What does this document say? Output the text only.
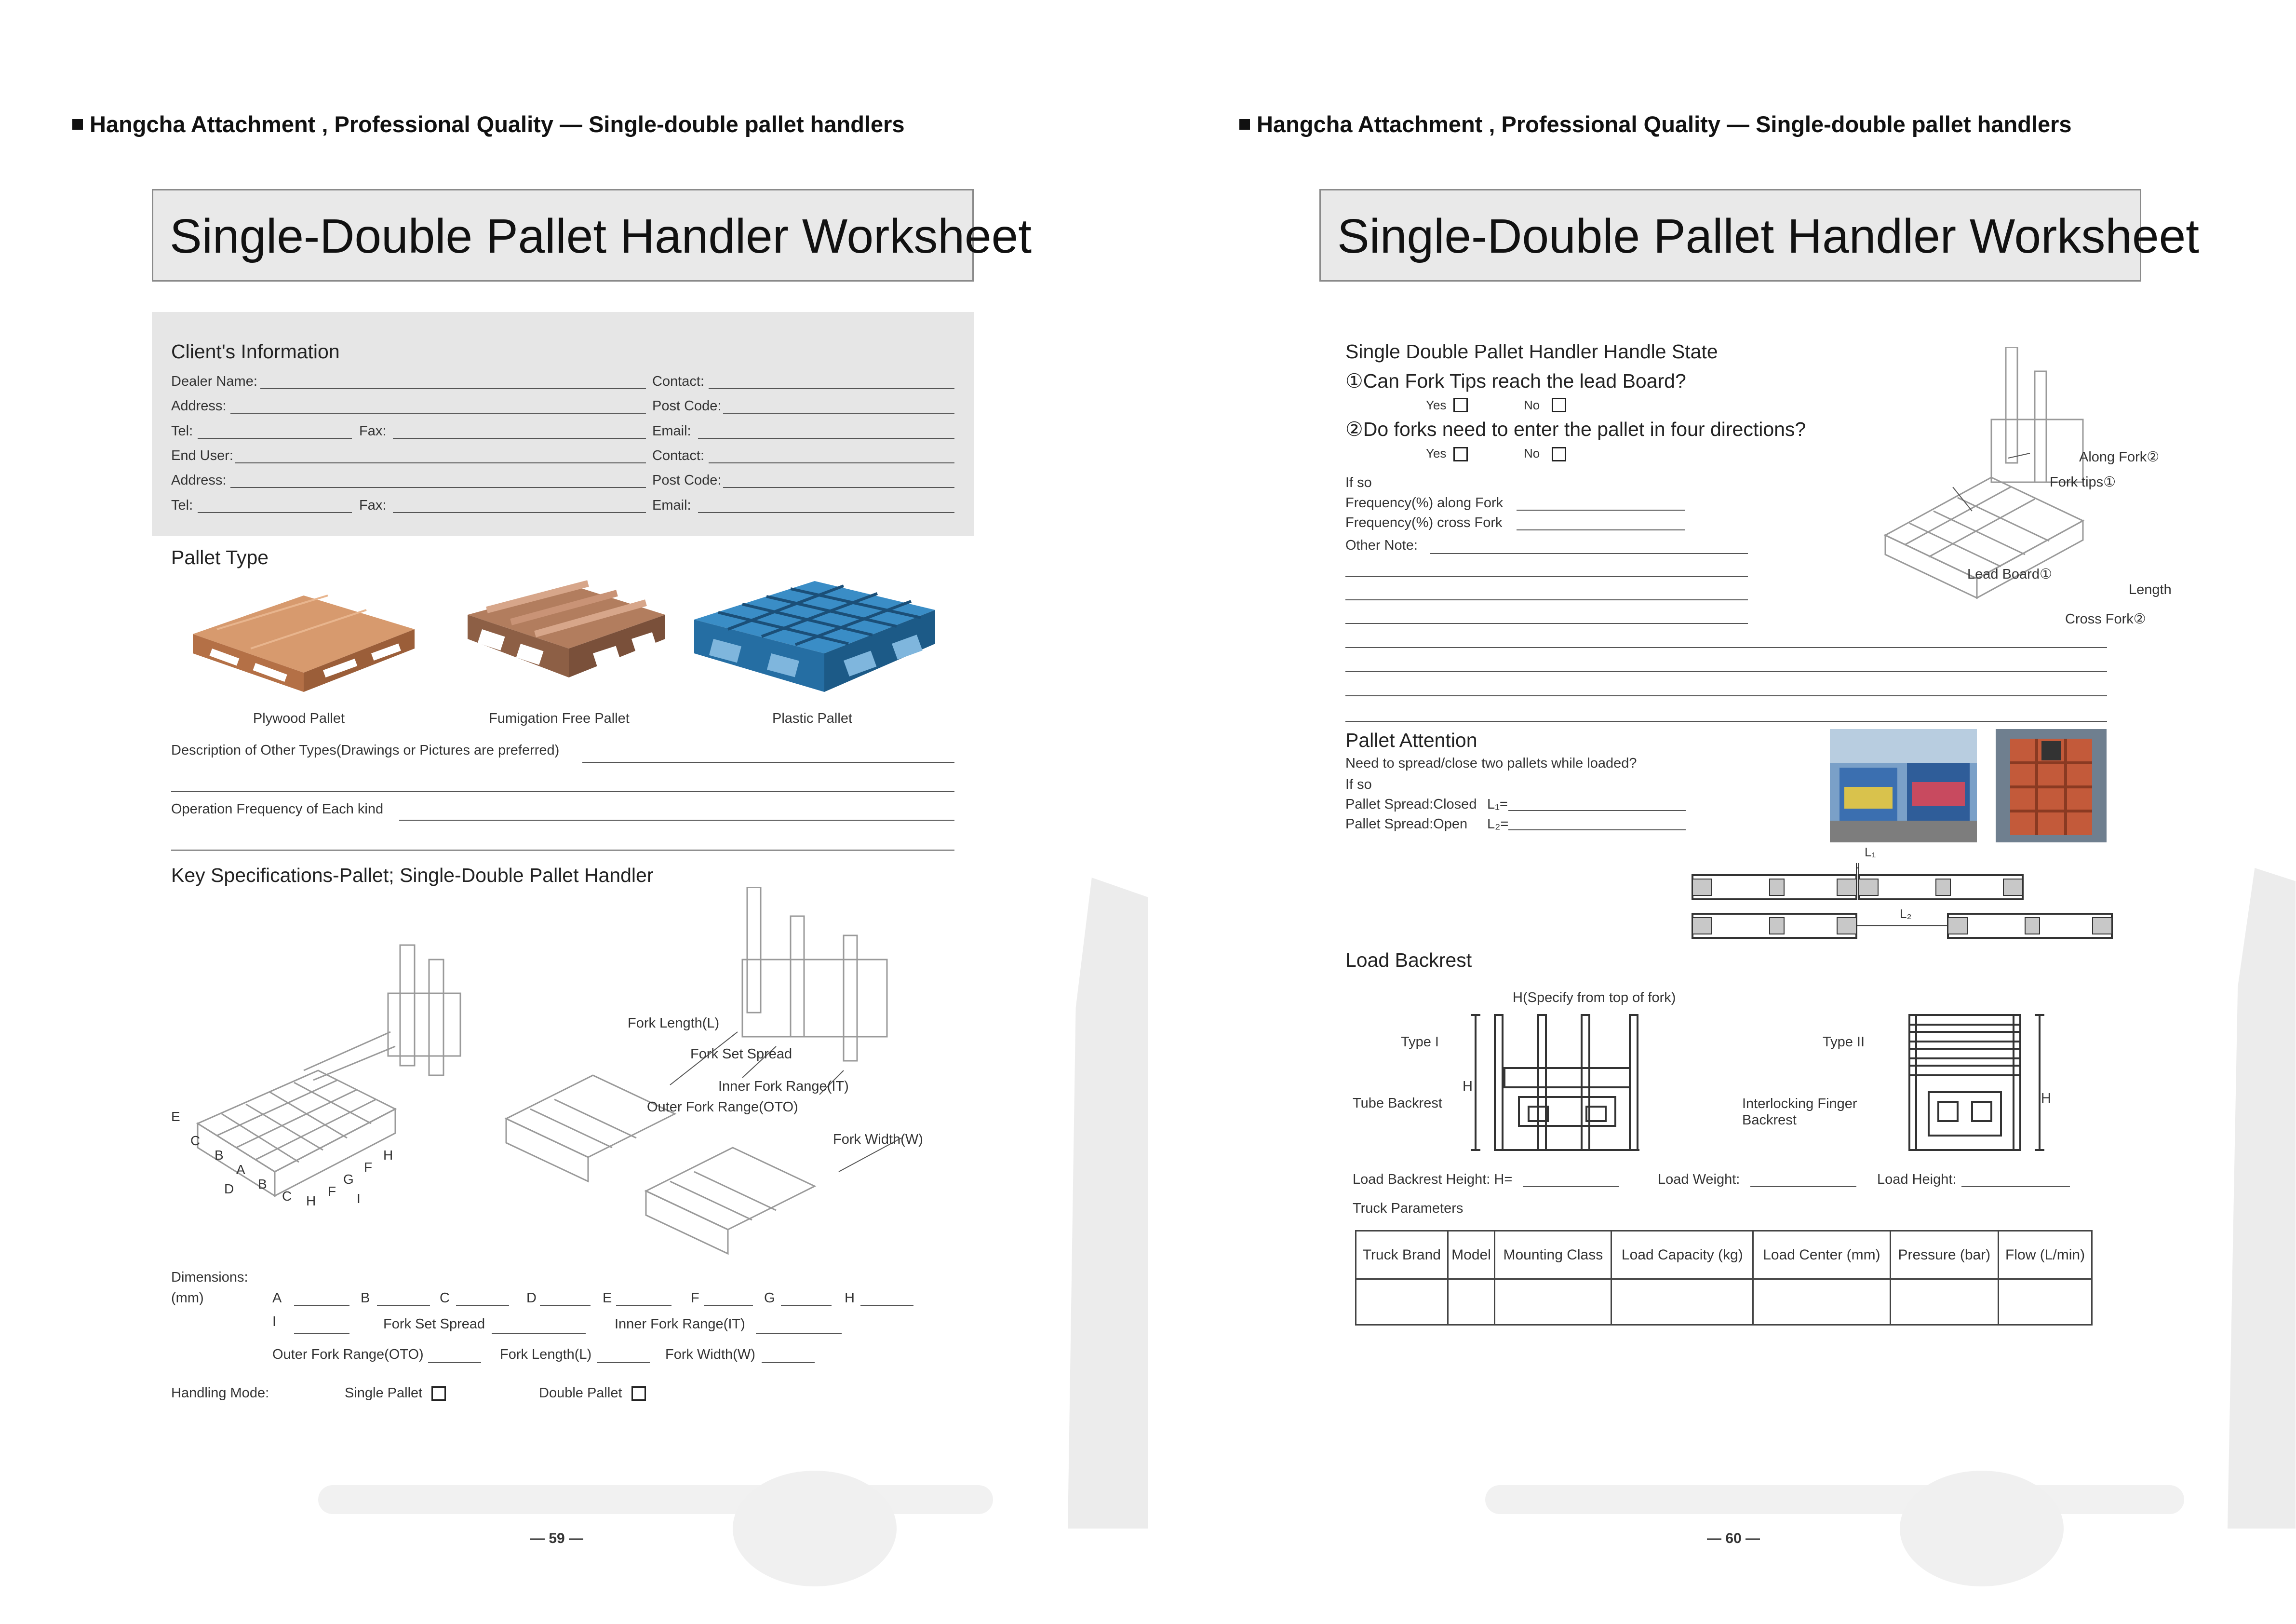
Hangcha Attachment , Professional Quality — Single-double pallet handlers
Single-Double Pallet Handler Worksheet
Client's Information
Dealer Name:	Contact:
Address:	Post Code:
Tel:	Fax:	Email:
End User:	Contact:
Address:	Post Code:
Tel:	Fax:	Email:
Pallet Type
Plywood Pallet	Fumigation Free Pallet	Plastic Pallet
Description of Other Types(Drawings or Pictures are preferred)
Operation Frequency of Each kind
Key Specifications-Pallet; Single-Double Pallet Handler
E
C
B
A
D B
C H
F
G
F
H
I
Fork Length(L)
Fork Set Spread
Inner Fork Range(IT)
Outer Fork Range(OTO)
Fork Width(W)
Dimensions:
(mm)	A	B	C	D	E	F	G	H
I	Fork Set Spread	Inner Fork Range(IT)
Outer Fork Range(OTO)	Fork Length(L)	Fork Width(W)
Handling Mode:	Single Pallet	Double Pallet
— 59 —
Hangcha Attachment , Professional Quality — Single-double pallet handlers
Single-Double Pallet Handler Worksheet
Single Double Pallet Handler Handle State
①Can Fork Tips reach the lead Board?
Yes	No
②Do forks need to enter the pallet in four directions?
Yes	No
If so
Frequency(%) along Fork
Frequency(%) cross Fork
Other Note:
Along Fork②
Fork tips①
Lead Board①
Length
Cross Fork②
Pallet Attention
Need to spread/close two pallets while loaded?
If so
Pallet Spread:Closed L₁=
Pallet Spread:Open L₂=
L₁
L₂
Load Backrest
H(Specify from top of fork)
Type I
Tube Backrest
H
Type II
Interlocking Finger Backrest
H
Load Backrest Height: H=	Load Weight:	Load Height:
Truck Parameters
Truck Brand	Model	Mounting Class	Load Capacity (kg)	Load Center (mm)	Pressure (bar)	Flow (L/min)

— 60 —
